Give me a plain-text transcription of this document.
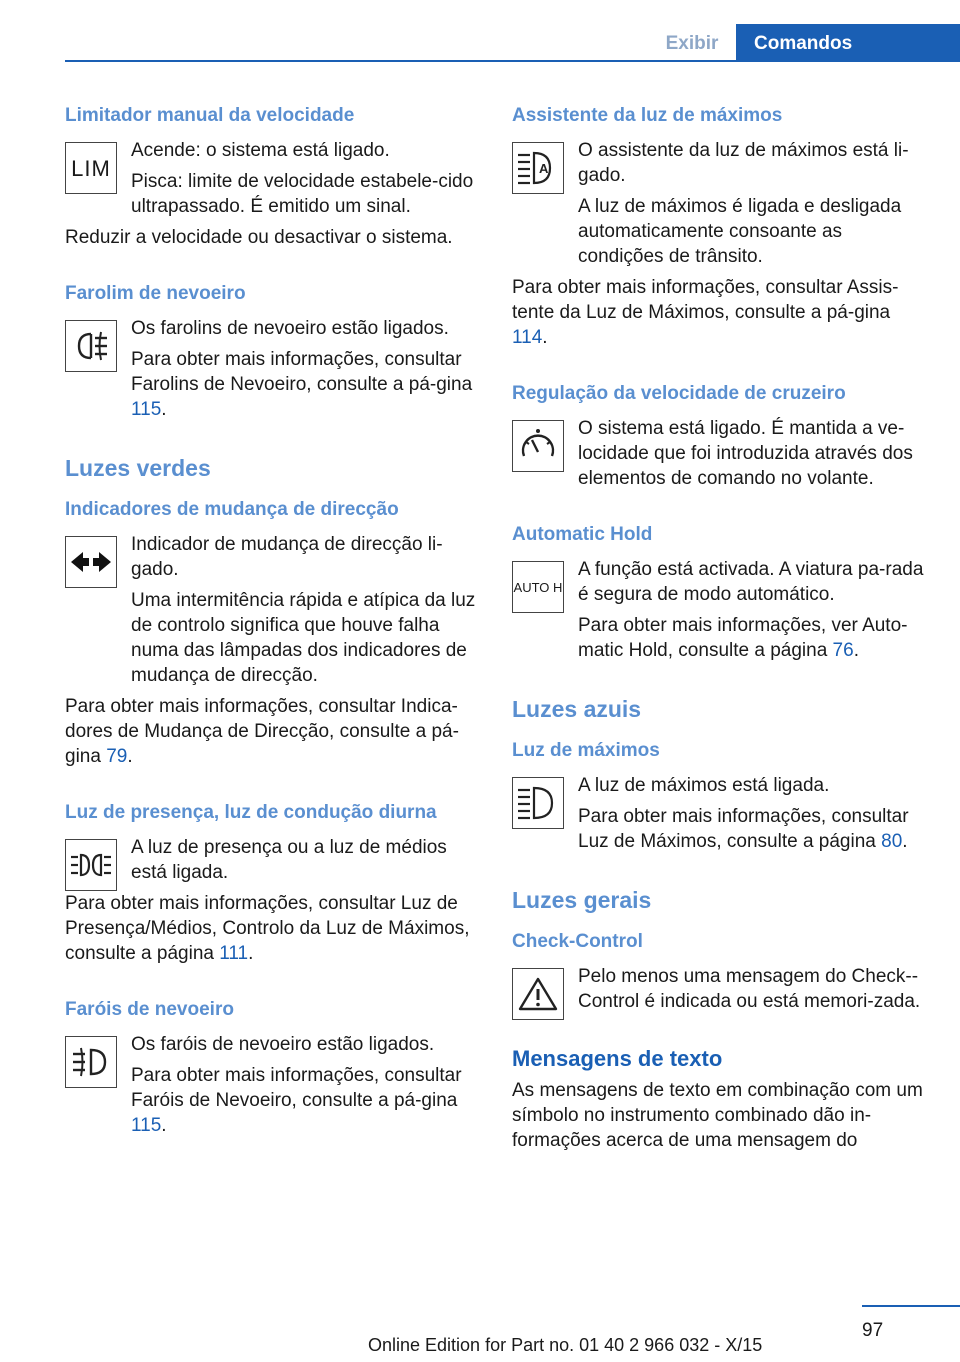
Exibir	Comandos
Limitador manual da velocidade
LIM

Acende: o sistema está ligado.

Pisca: limite de velocidade estabele-cido ultrapassado. É emitido um sinal.

Reduzir a velocidade ou desactivar o sistema.

Farolim de nevoeiro

Os farolins de nevoeiro estão ligados.

Para obter mais informações, consultar Farolins de Nevoeiro, consulte a pá-gina 115.

Luzes verdes
Indicadores de mudança de direcção

Indicador de mudança de direcção li-gado.

Uma intermitência rápida e atípica da luz de controlo significa que houve falha numa das lâmpadas dos indicadores de mudança de direcção.

Para obter mais informações, consultar Indica-dores de Mudança de Direcção, consulte a pá-gina 79.

Luz de presença, luz de condução diurna

A luz de presença ou a luz de médios está ligada.

Para obter mais informações, consultar Luz de Presença/Médios, Controlo da Luz de Máximos, consulte a página 111.

Faróis de nevoeiro

Os faróis de nevoeiro estão ligados.

Para obter mais informações, consultar Faróis de Nevoeiro, consulte a pá-gina 115.

Assistente da luz de máximos
A

O assistente da luz de máximos está li-gado.

A luz de máximos é ligada e desligada automaticamente consoante as condições de trânsito.

Para obter mais informações, consultar Assis-tente da Luz de Máximos, consulte a pá-gina 114.

Regulação da velocidade de cruzeiro

O sistema está ligado. É mantida a ve-locidade que foi introduzida através dos elementos de comando no volante.

Automatic Hold
AUTO H

A função está activada. A viatura pa-rada é segura de modo automático.

Para obter mais informações, ver Auto-matic Hold, consulte a página 76.

Luzes azuis
Luz de máximos

A luz de máximos está ligada.

Para obter mais informações, consultar Luz de Máximos, consulte a página 80.

Luzes gerais
Check-Control

Pelo menos uma mensagem do Check--Control é indicada ou está memori-zada.

Mensagens de texto

As mensagens de texto em combinação com um símbolo no instrumento combinado dão in-formações acerca de uma mensagem do

97
Online Edition for Part no. 01 40 2 966 032 - X/15
